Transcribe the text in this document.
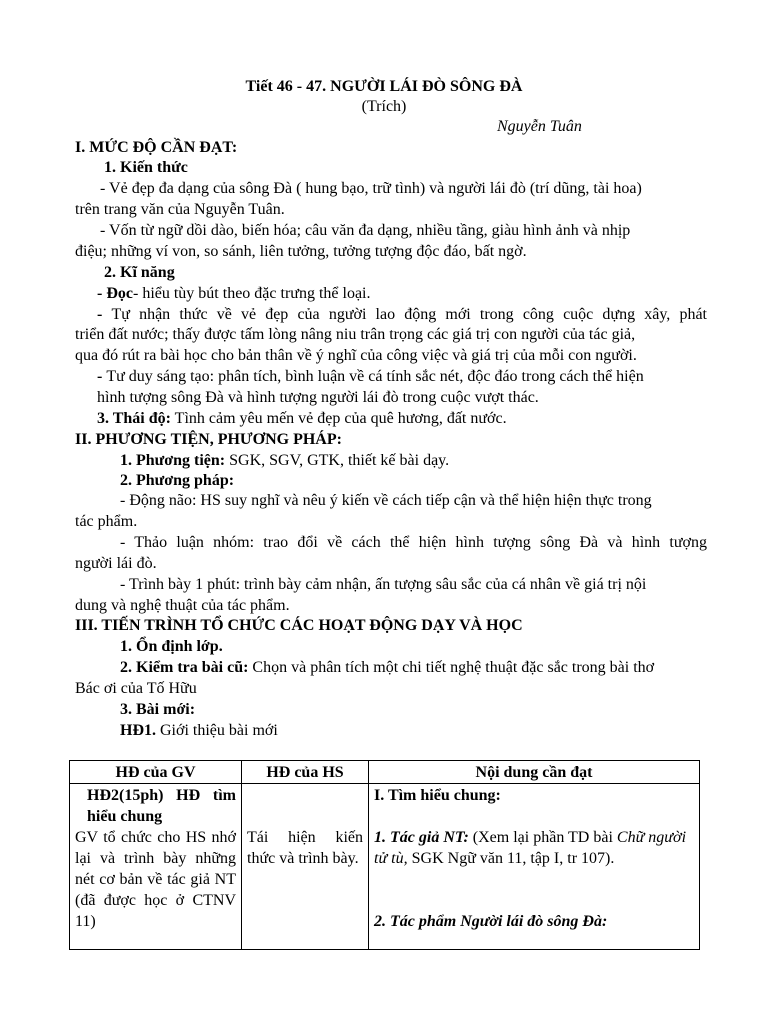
Tiết 46 - 47. NGƯỜI LÁI ĐÒ SÔNG ĐÀ
(Trích)
Nguyễn Tuân
I. MỨC ĐỘ CẦN ĐẠT:
1. Kiến thức
- Vẻ đẹp đa dạng của sông Đà ( hung bạo, trữ tình) và người lái đò (trí dũng, tài hoa)
trên trang văn của Nguyễn Tuân.
- Vốn từ ngữ dồi dào, biến hóa; câu văn đa dạng, nhiều tầng, giàu hình ảnh và nhịp
điệu; những ví von, so sánh, liên tưởng, tưởng tượng độc đáo, bất ngờ.
2. Kĩ năng
- Đọc- hiểu tùy bút theo đặc trưng thể loại.
- Tự nhận thức về vẻ đẹp của người lao động mới trong công cuộc dựng xây, phát
triển đất nước; thấy được tấm lòng nâng niu trân trọng các giá trị con người của tác giả,
qua đó rút ra bài học cho bản thân về ý nghĩ của công việc và giá trị của mỗi con người.
- Tư duy sáng tạo: phân tích, bình luận về cá tính sắc nét, độc đáo trong cách thể hiện
hình tượng sông Đà và hình tượng người lái đò trong cuộc vượt thác.
3. Thái độ: Tình cảm yêu mến vẻ đẹp của quê hương, đất nước.
II. PHƯƠNG TIỆN, PHƯƠNG PHÁP:
1. Phương tiện: SGK, SGV, GTK, thiết kế bài dạy.
2. Phương pháp:
- Động não: HS suy nghĩ và nêu ý kiến về cách tiếp cận và thể hiện hiện thực trong
tác phẩm.
- Thảo luận nhóm: trao đổi về cách thể hiện hình tượng sông Đà và hình tượng
người lái đò.
- Trình bày 1 phút: trình bày cảm nhận, ấn tượng sâu sắc của cá nhân về giá trị nội
dung và nghệ thuật của tác phẩm.
III. TIẾN TRÌNH TỔ CHỨC CÁC HOẠT ĐỘNG DẠY VÀ HỌC
1. Ổn định lớp.
2. Kiểm tra bài cũ: Chọn và phân tích một chi tiết nghệ thuật đặc sắc trong bài thơ
Bác ơi của Tố Hữu
3. Bài mới:
HĐ1. Giới thiệu bài mới
HĐ của GV	HĐ của HS	Nội dung cần đạt

HĐ2(15ph) HĐ tìm hiểu chung
GV tổ chức cho HS nhớ lại và trình bày những nét cơ bản về tác giả NT (đã được học ở CTNV 11)	Tái hiện kiến thức và trình bày.	I. Tìm hiểu chung:
1. Tác giả NT: (Xem lại phần TD bài Chữ người tử tù, SGK Ngữ văn 11, tập I, tr 107).
2. Tác phẩm Người lái đò sông Đà:
